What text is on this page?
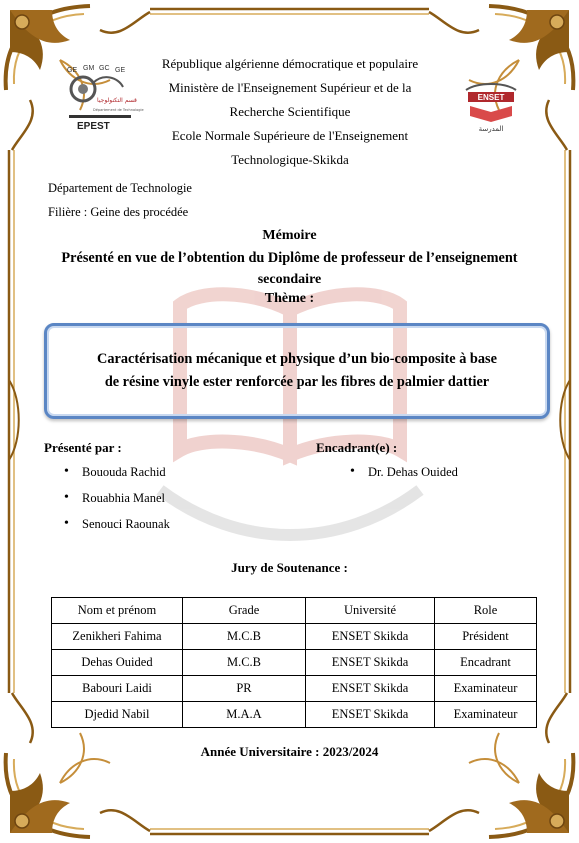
GE GM GC GE
قسم التكنولوجيا
Département de Technologie
EPEST
ENSET
المدرسة
République algérienne démocratique et populaire
Ministère de l'Enseignement Supérieur et de la
Recherche Scientifique
Ecole Normale Supérieure de l'Enseignement
Technologique-Skikda
Département de Technologie
Filière : Geine des procédée
Mémoire
Présenté en vue de l’obtention du Diplôme de professeur de l’enseignement
secondaire
Thème :
Caractérisation mécanique et physique d’un bio-composite à base
de résine vinyle ester renforcée par les fibres de palmier dattier
Présenté par :
• Bououda Rachid
• Rouabhia Manel
• Senouci Raounak
Encadrant(e) :
• Dr. Dehas Ouided
Jury de Soutenance :
Nom et prénom	Grade	Université	Role
Zenikheri Fahima	M.C.B	ENSET Skikda	Président
Dehas Ouided	M.C.B	ENSET Skikda	Encadrant
Babouri Laidi	PR	ENSET Skikda	Examinateur
Djedid Nabil	M.A.A	ENSET Skikda	Examinateur
Année Universitaire : 2023/2024
